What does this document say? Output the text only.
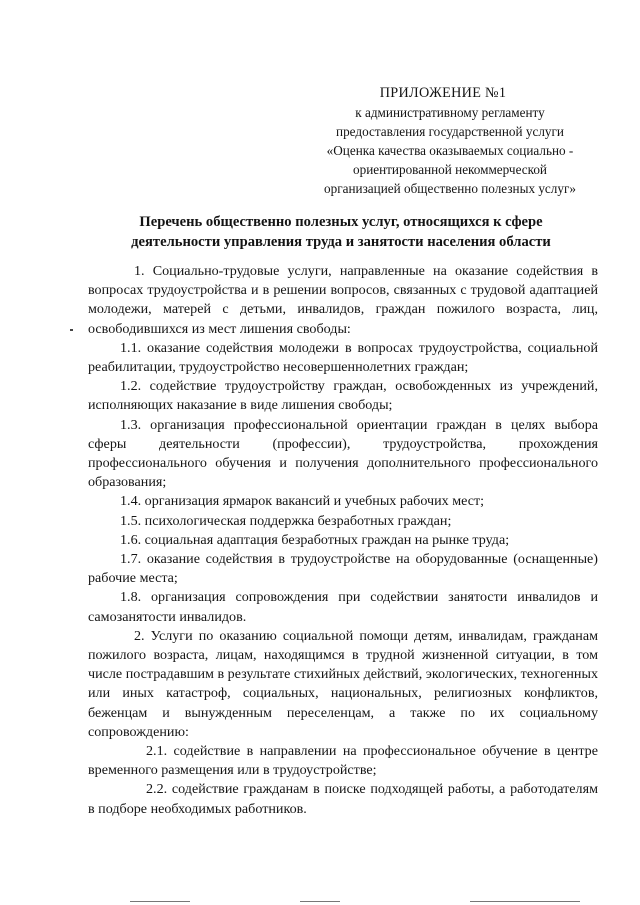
ПРИЛОЖЕНИЕ №1
к административному регламенту
предоставления государственной услуги
«Оценка качества оказываемых социально -
ориентированной некоммерческой
организацией общественно полезных услуг»
Перечень общественно полезных услуг, относящихся к сфере
деятельности управления труда и занятости населения области

1. Социально-трудовые услуги, направленные на оказание содействия в вопросах трудоустройства и в решении вопросов, связанных с трудовой адаптацией молодежи, матерей с детьми, инвалидов, граждан пожилого возраста, лиц, освободившихся из мест лишения свободы:

1.1. оказание содействия молодежи в вопросах трудоустройства, социальной реабилитации, трудоустройство несовершеннолетних граждан;

1.2. содействие трудоустройству граждан, освобожденных из учреждений, исполняющих наказание в виде лишения свободы;

1.3. организация профессиональной ориентации граждан в целях выбора сферы деятельности (профессии), трудоустройства, прохождения профессионального обучения и получения дополнительного профессионального образования;

1.4. организация ярмарок вакансий и учебных рабочих мест;

1.5. психологическая поддержка безработных граждан;

1.6. социальная адаптация безработных граждан на рынке труда;

1.7. оказание содействия в трудоустройстве на оборудованные (оснащенные) рабочие места;

1.8. организация сопровождения при содействии занятости инвалидов и самозанятости инвалидов.

2. Услуги по оказанию социальной помощи детям, инвалидам, гражданам пожилого возраста, лицам, находящимся в трудной жизненной ситуации, в том числе пострадавшим в результате стихийных действий, экологических, техногенных или иных катастроф, социальных, национальных, религиозных конфликтов, беженцам и вынужденным переселенцам, а также по их социальному сопровождению:

2.1. содействие в направлении на профессиональное обучение в центре временного размещения или в трудоустройстве;

2.2. содействие гражданам в поиске подходящей работы, а работодателям в подборе необходимых работников.
